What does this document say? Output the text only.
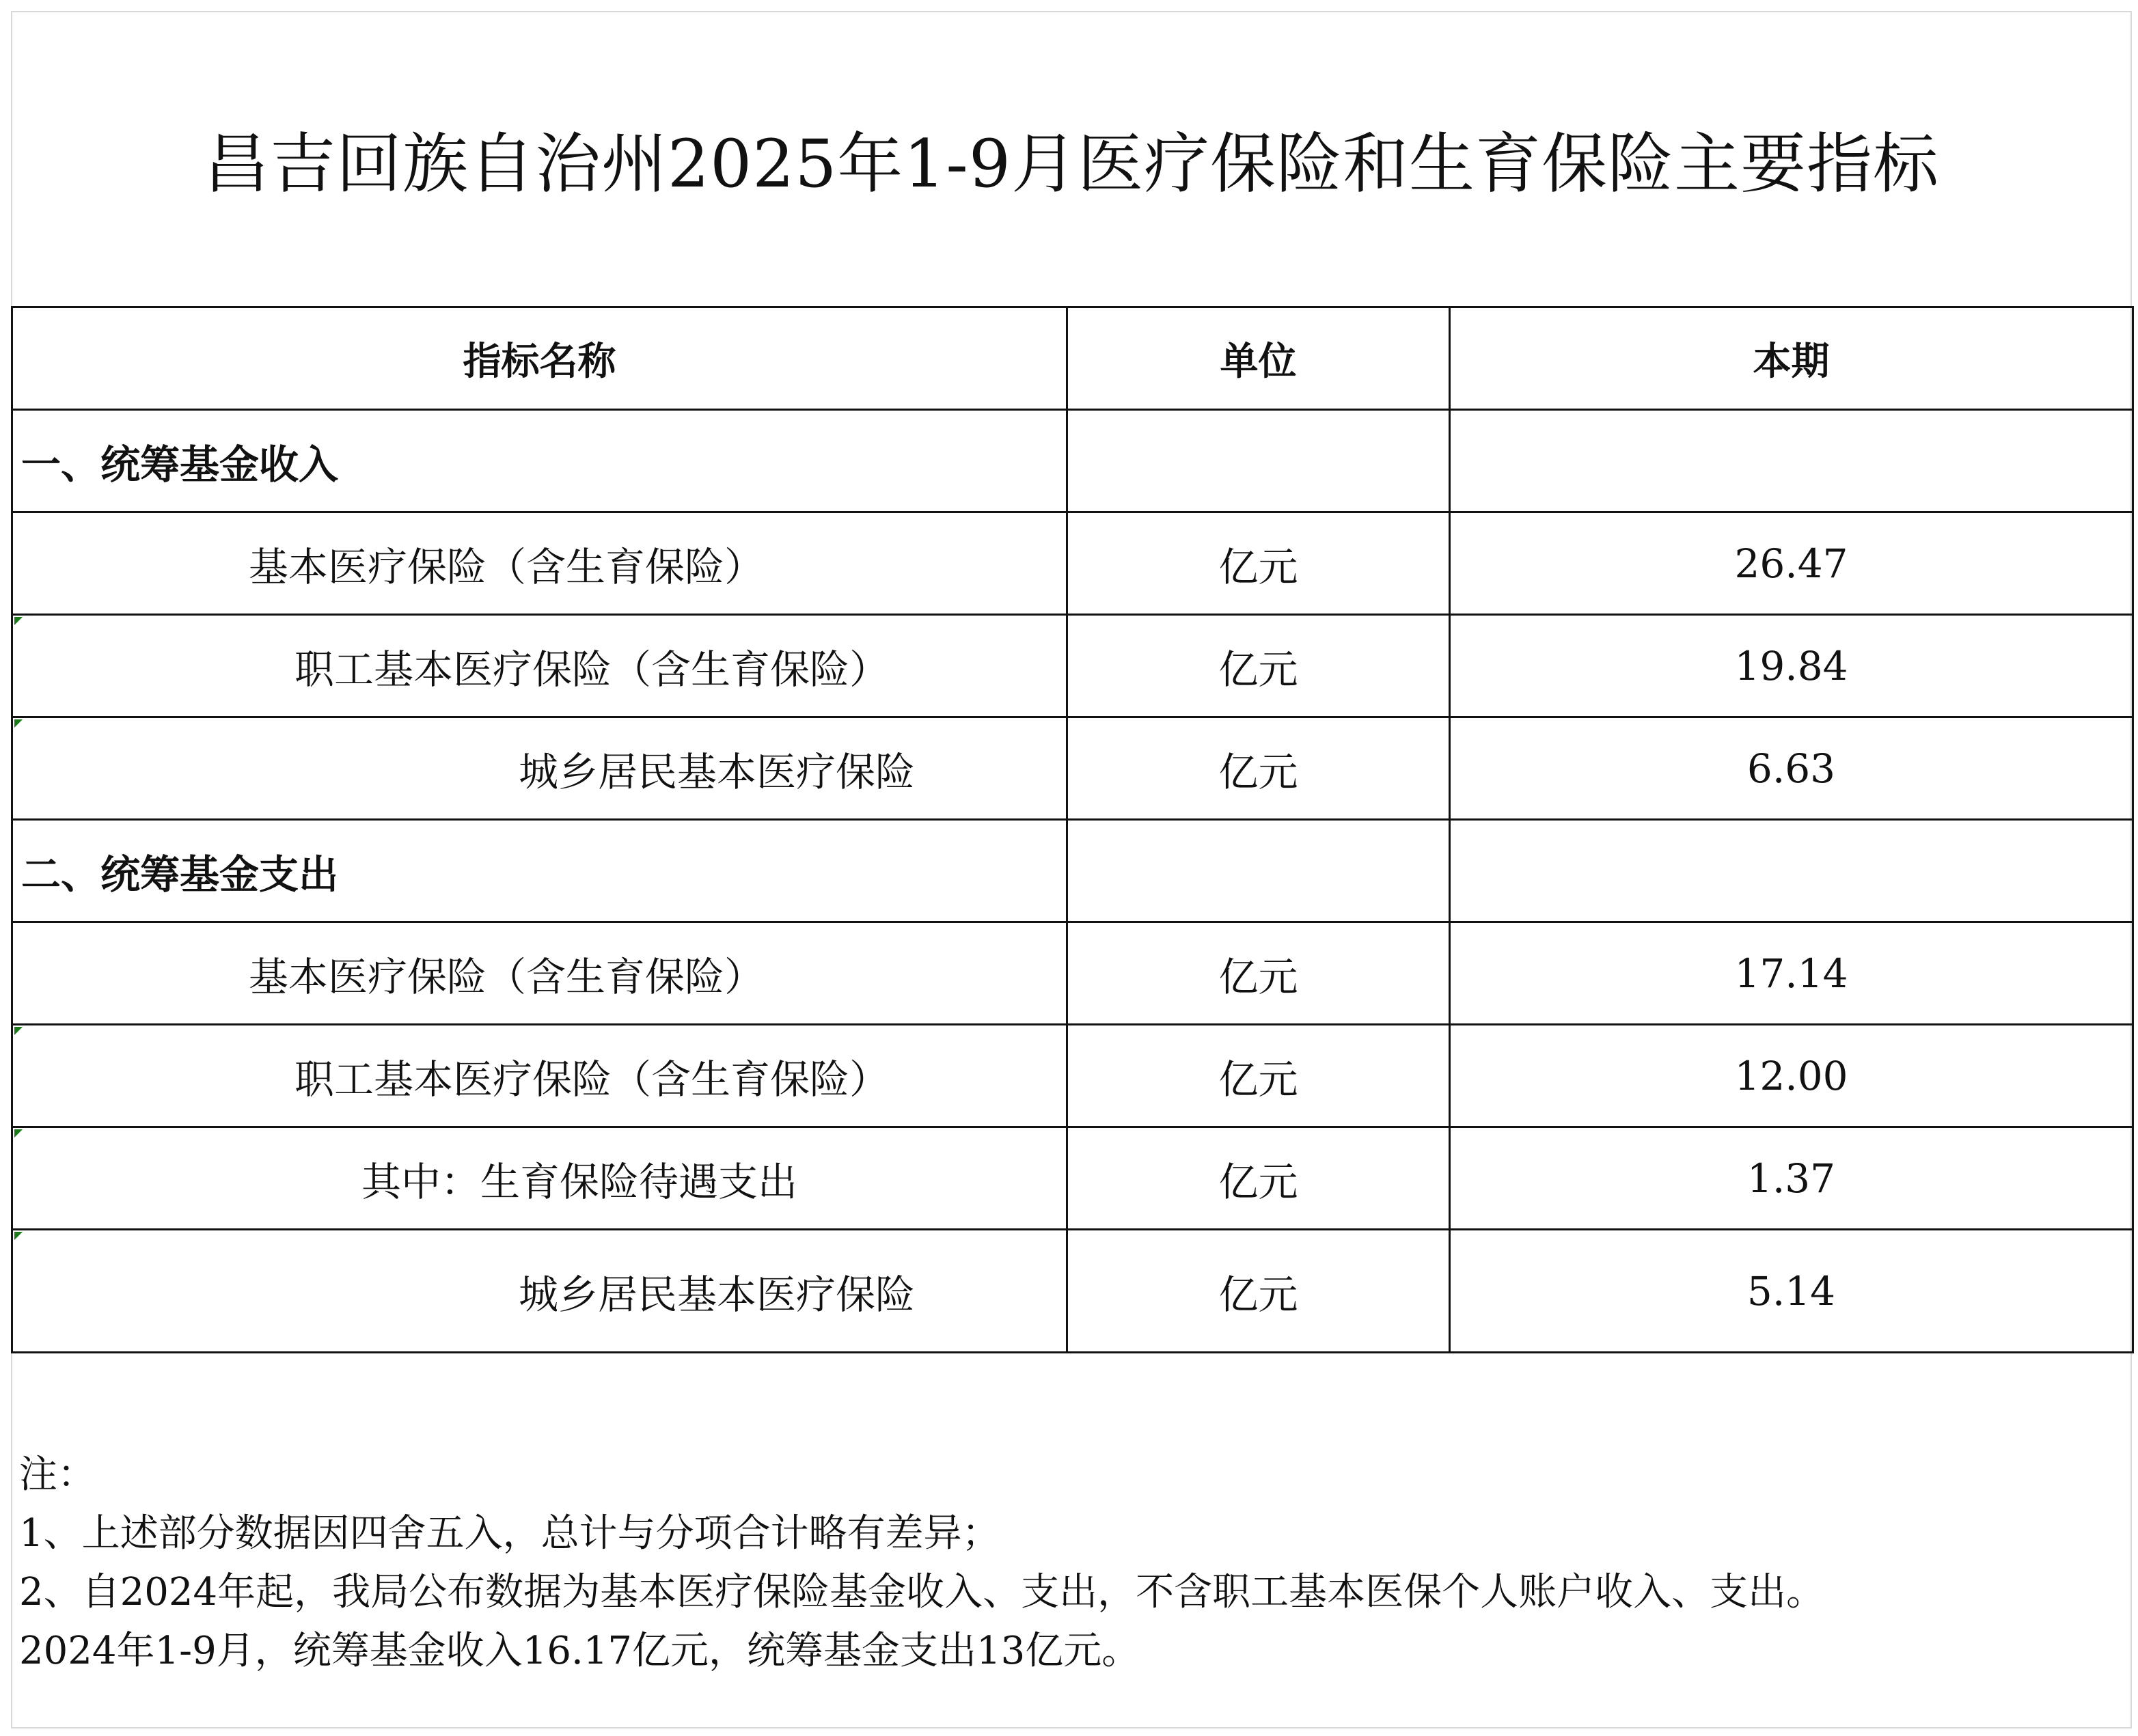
昌吉回族自治州2025年1-9月医疗保险和生育保险主要指标
指标名称	单位	本期
一、统筹基金收入		
基本医疗保险（含生育保险）	亿元	26.47

职工基本医疗保险（含生育保险）	亿元	19.84

城乡居民基本医疗保险	亿元	6.63
二、统筹基金支出		
基本医疗保险（含生育保险）	亿元	17.14

职工基本医疗保险（含生育保险）	亿元	12.00

其中：生育保险待遇支出	亿元	1.37

城乡居民基本医疗保险	亿元	5.14
注：
1、上述部分数据因四舍五入，总计与分项合计略有差异；
2、自2024年起，我局公布数据为基本医疗保险基金收入、支出，不含职工基本医保个人账户收入、支出。
2024年1-9月，统筹基金收入16.17亿元，统筹基金支出13亿元。
